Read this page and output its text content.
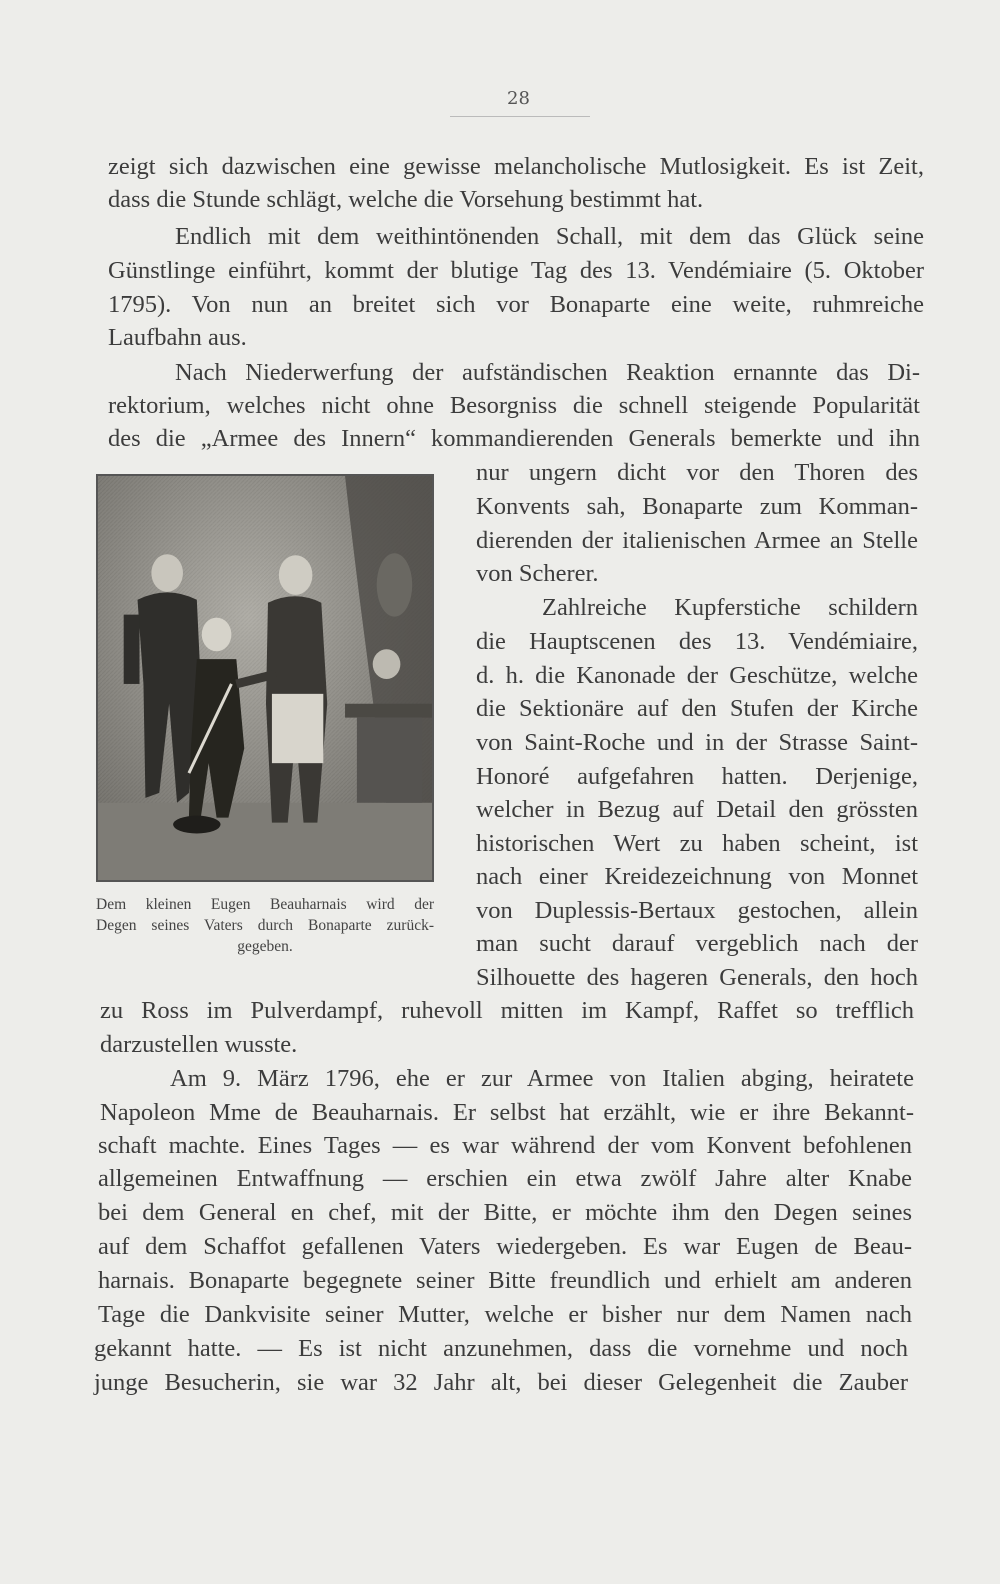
28

zeigt sich dazwischen eine gewisse melancholische Mutlosigkeit. Es ist Zeit,

dass die Stunde schlägt, welche die Vorsehung bestimmt hat.

Endlich mit dem weithintönenden Schall, mit dem das Glück seine

Günstlinge einführt, kommt der blutige Tag des 13. Vendémiaire (5. Oktober

1795). Von nun an breitet sich vor Bonaparte eine weite, ruhmreiche

Laufbahn aus.

Nach Niederwerfung der aufständischen Reaktion ernannte das Di-

rektorium, welches nicht ohne Besorgniss die schnell steigende Popularität

des die „Armee des Innern“ kommandierenden Generals bemerkte und ihn

nur ungern dicht vor den Thoren des

Konvents sah, Bonaparte zum Komman-

dierenden der italienischen Armee an Stelle

von Scherer.

Zahlreiche Kupferstiche schildern

die Hauptscenen des 13. Vendémiaire,

d. h. die Kanonade der Geschütze, welche

die Sektionäre auf den Stufen der Kirche

von Saint-Roche und in der Strasse Saint-

Honoré aufgefahren hatten. Derjenige,

welcher in Bezug auf Detail den grössten

historischen Wert zu haben scheint, ist

nach einer Kreidezeichnung von Monnet

von Duplessis-Bertaux gestochen, allein

man sucht darauf vergeblich nach der

Silhouette des hageren Generals, den hoch

zu Ross im Pulverdampf, ruhevoll mitten im Kampf, Raffet so trefflich

darzustellen wusste.

Am 9. März 1796, ehe er zur Armee von Italien abging, heiratete

Napoleon Mme de Beauharnais. Er selbst hat erzählt, wie er ihre Bekannt-

schaft machte. Eines Tages — es war während der vom Konvent befohlenen

allgemeinen Entwaffnung — erschien ein etwa zwölf Jahre alter Knabe

bei dem General en chef, mit der Bitte, er möchte ihm den Degen seines

auf dem Schaffot gefallenen Vaters wiedergeben. Es war Eugen de Beau-

harnais. Bonaparte begegnete seiner Bitte freundlich und erhielt am anderen

Tage die Dankvisite seiner Mutter, welche er bisher nur dem Namen nach

gekannt hatte. — Es ist nicht anzunehmen, dass die vornehme und noch

junge Besucherin, sie war 32 Jahr alt, bei dieser Gelegenheit die Zauber

Dem kleinen Eugen Beauharnais wird der
Degen seines Vaters durch Bonaparte zurück-
gegeben.
